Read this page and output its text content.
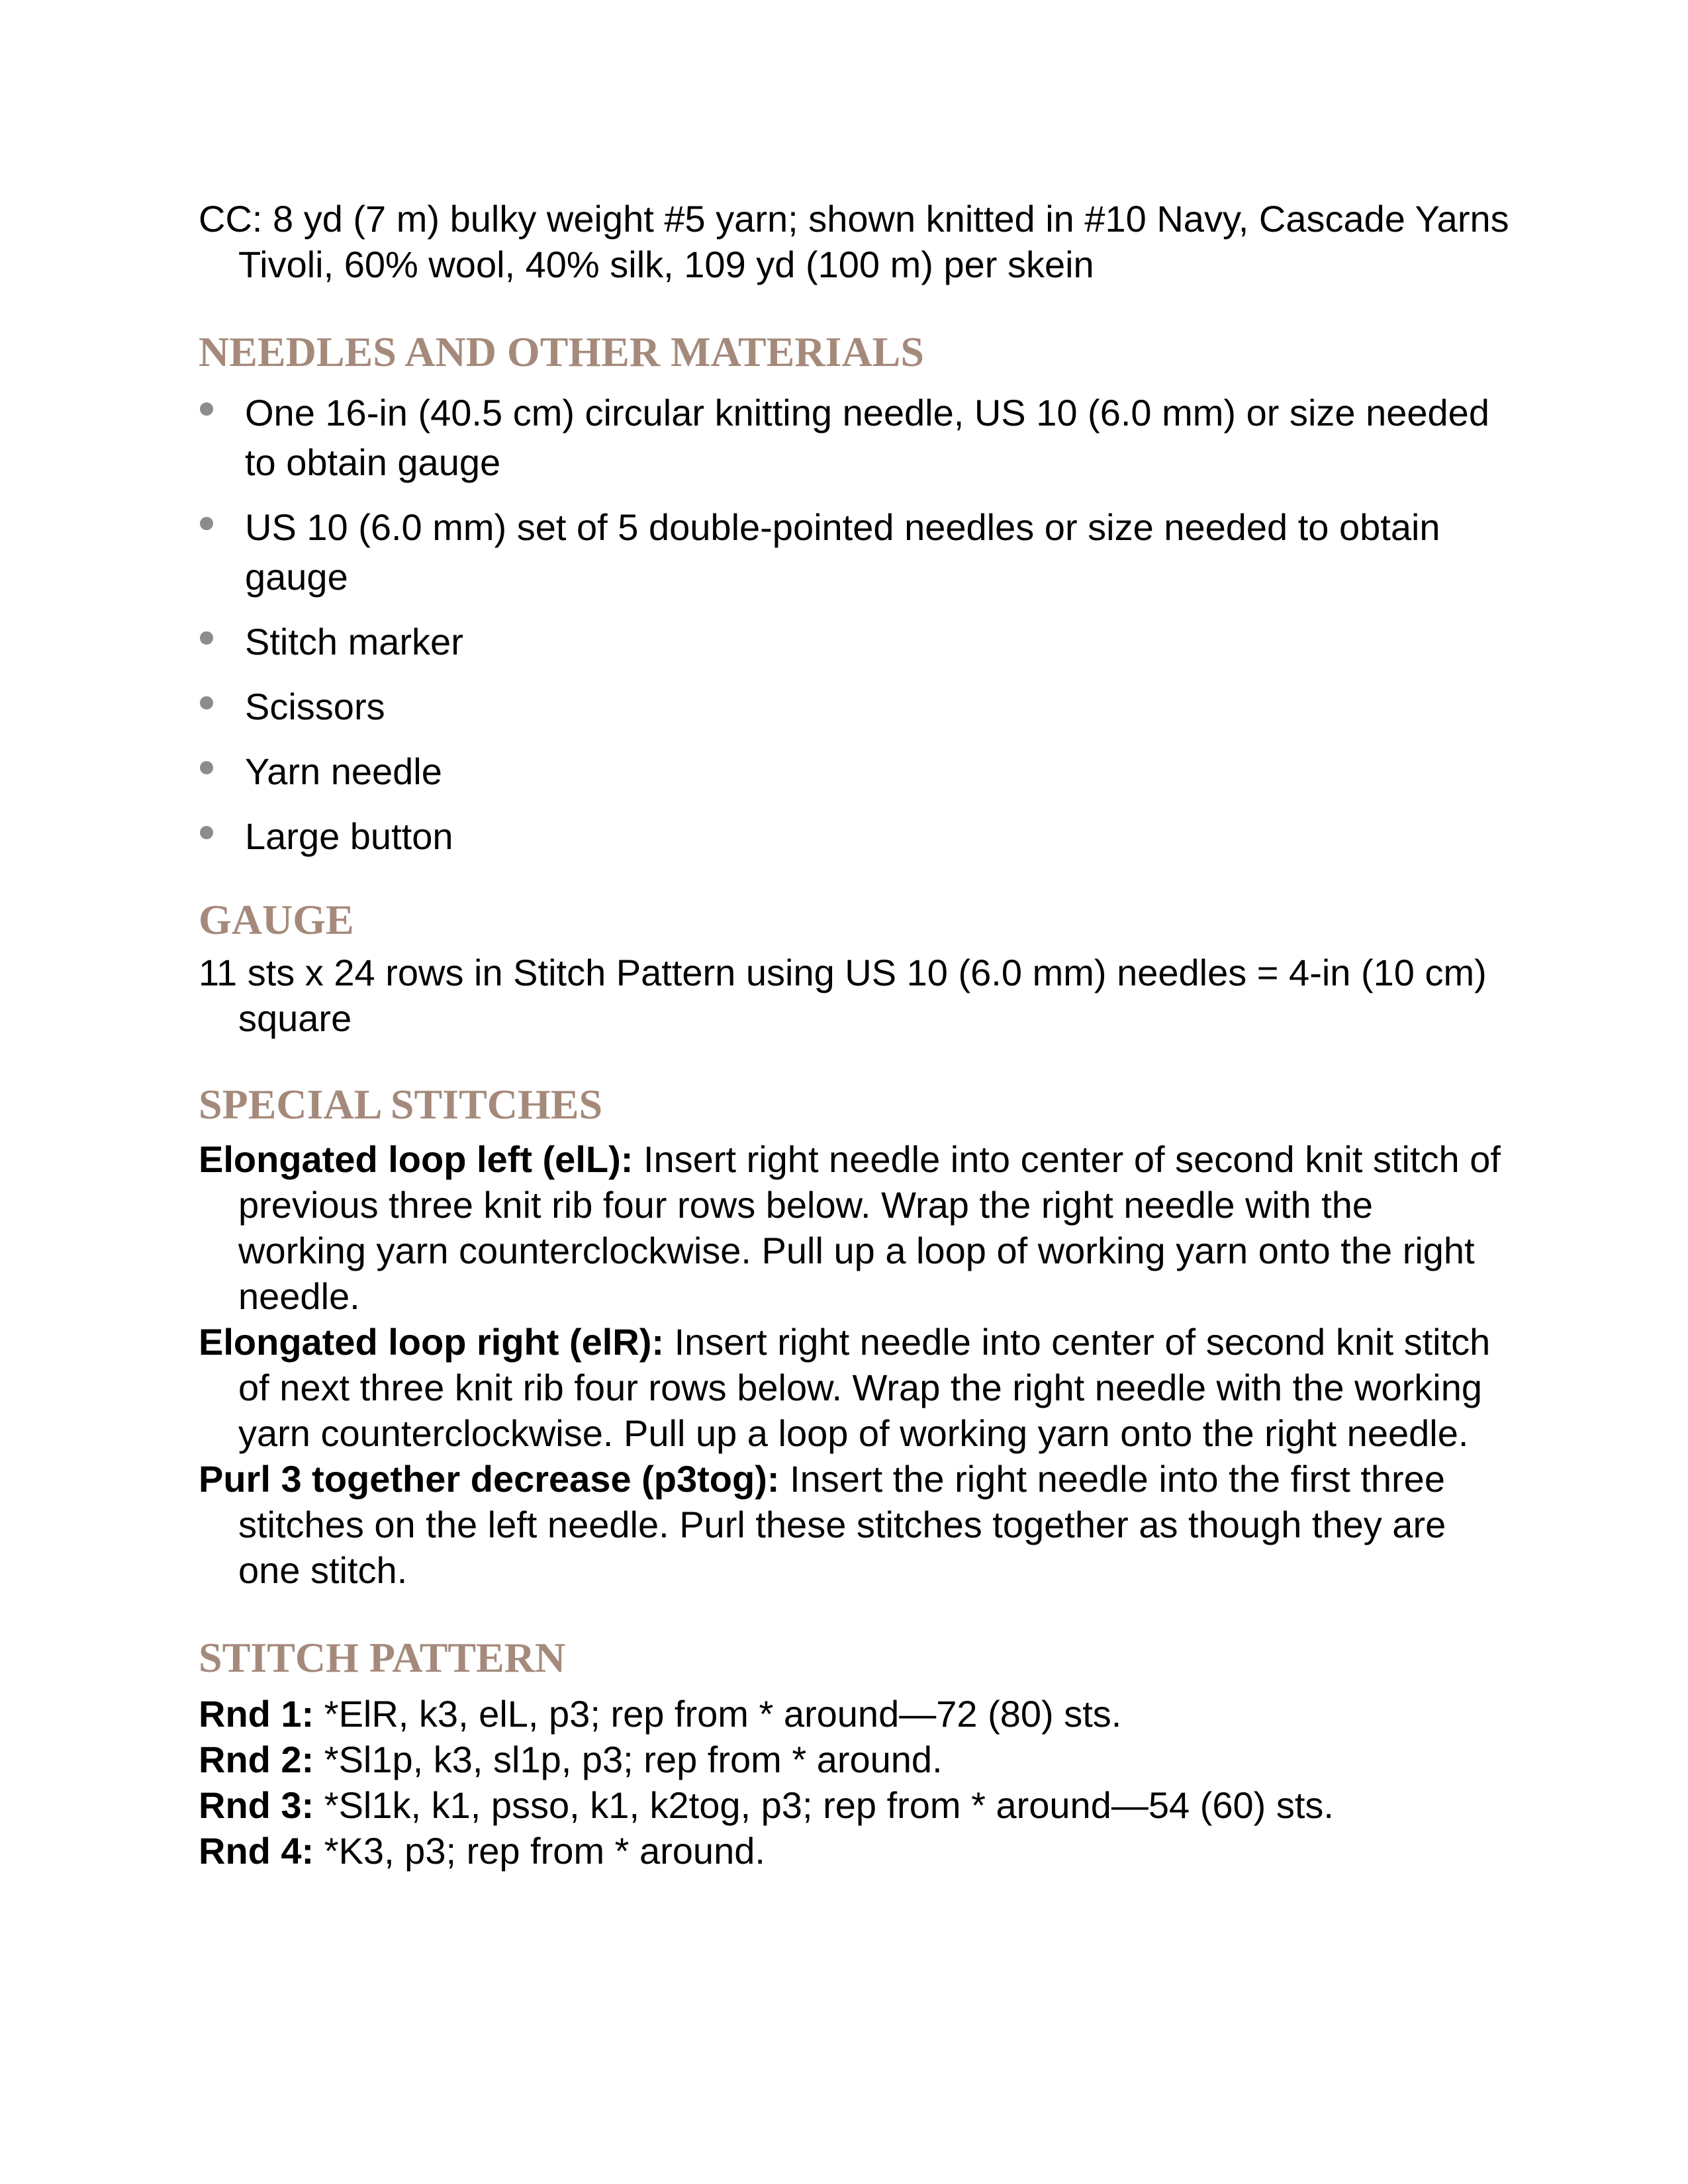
CC: 8 yd (7 m) bulky weight #5 yarn; shown knitted in #10 Navy, Cascade Yarns Tivoli, 60% wool, 40% silk, 109 yd (100 m) per skein

NEEDLES AND OTHER MATERIALS
One 16-in (40.5 cm) circular knitting needle, US 10 (6.0 mm) or size needed to obtain gauge
US 10 (6.0 mm) set of 5 double-pointed needles or size needed to obtain gauge
Stitch marker
Scissors
Yarn needle
Large button
GAUGE

11 sts x 24 rows in Stitch Pattern using US 10 (6.0 mm) needles = 4-in (10 cm) square

SPECIAL STITCHES

Elongated loop left (elL): Insert right needle into center of second knit stitch of previous three knit rib four rows below. Wrap the right needle with the working yarn counterclockwise. Pull up a loop of working yarn onto the right needle.

Elongated loop right (elR): Insert right needle into center of second knit stitch of next three knit rib four rows below. Wrap the right needle with the working yarn counterclockwise. Pull up a loop of working yarn onto the right needle.

Purl 3 together decrease (p3tog): Insert the right needle into the first three stitches on the left needle. Purl these stitches together as though they are one stitch.

STITCH PATTERN

Rnd 1: *ElR, k3, elL, p3; rep from * around—72 (80) sts.

Rnd 2: *Sl1p, k3, sl1p, p3; rep from * around.

Rnd 3: *Sl1k, k1, psso, k1, k2tog, p3; rep from * around—54 (60) sts.

Rnd 4: *K3, p3; rep from * around.
